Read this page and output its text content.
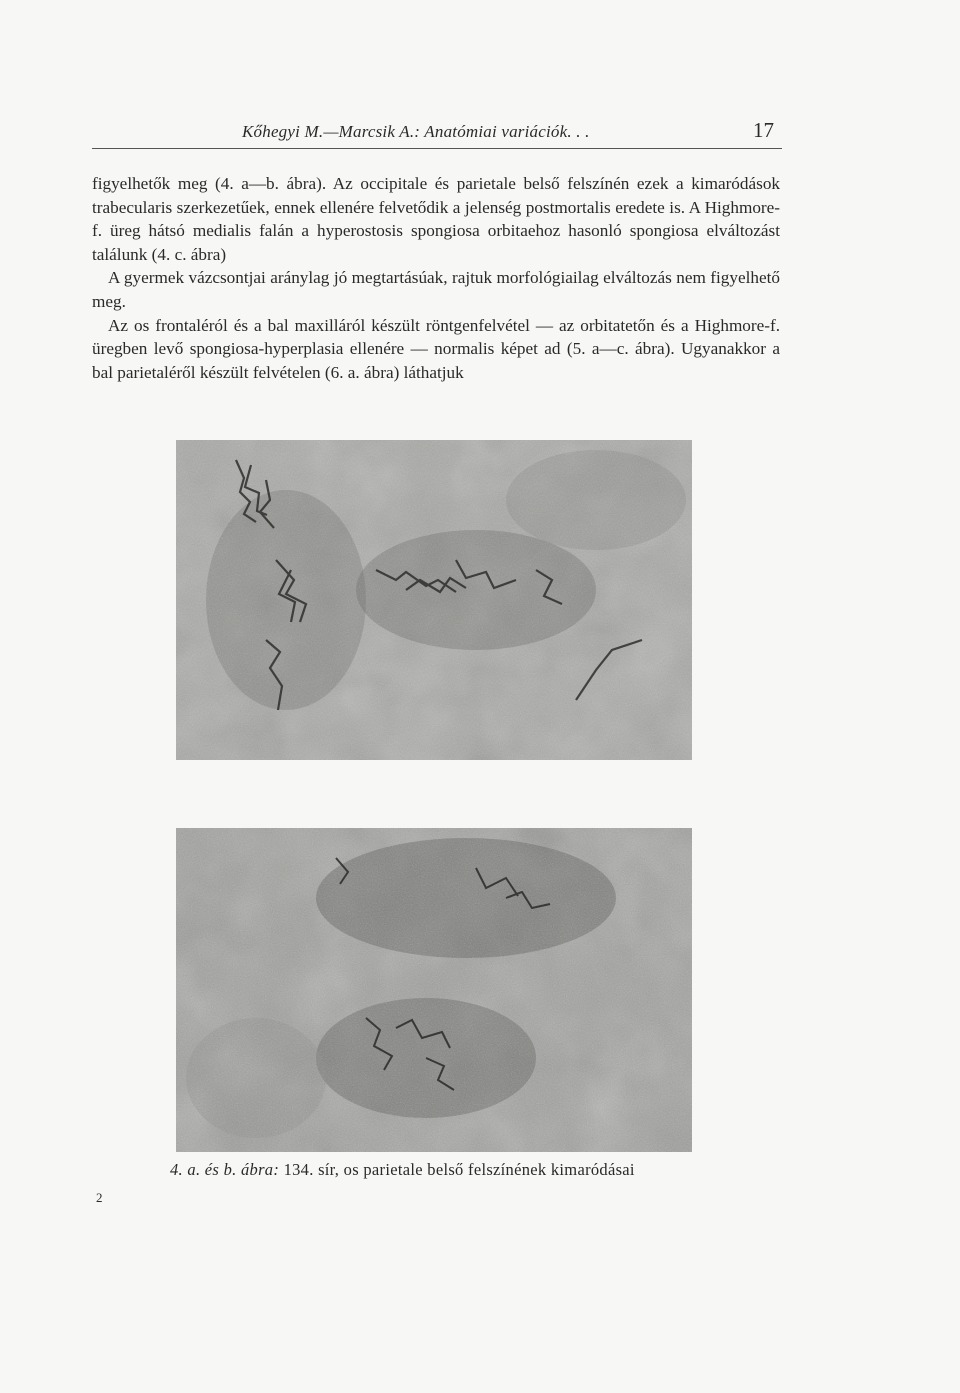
Kőhegyi M.—Marcsik A.: Anatómiai variációk. . .	17

figyelhetők meg (4. a—b. ábra). Az occipitale és parietale belső felszínén ezek a kimaródások trabecularis szerkezetűek, ennek ellenére felvetődik a jelenség postmortalis eredete is. A Highmore-f. üreg hátsó medialis falán a hyperostosis spongiosa orbitaehoz hasonló spongiosa elváltozást találunk (4. c. ábra)

A gyermek vázcsontjai aránylag jó megtartásúak, rajtuk morfológiailag elváltozás nem figyelhető meg.

Az os frontaléról és a bal maxilláról készült röntgenfelvétel — az orbitatetőn és a Highmore-f. üregben levő spongiosa-hyperplasia ellenére — normalis képet ad (5. a—c. ábra). Ugyanakkor a bal parietaléről készült felvételen (6. a. ábra) láthatjuk

4. a. és b. ábra: 134. sír, os parietale belső felszínének kimaródásai
2
